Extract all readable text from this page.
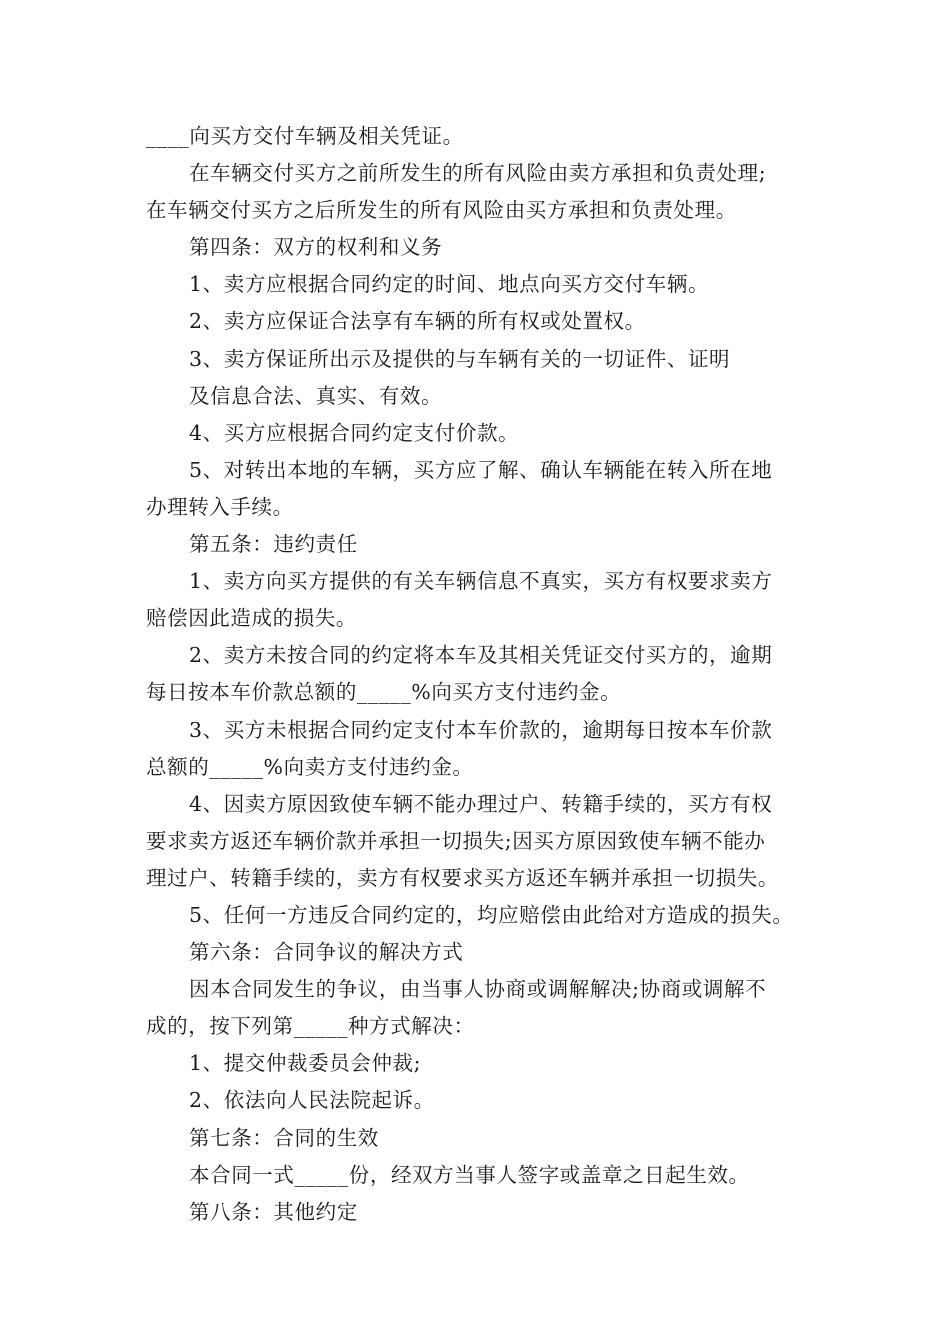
____向买方交付车辆及相关凭证。
在车辆交付买方之前所发生的所有风险由卖方承担和负责处理;
在车辆交付买方之后所发生的所有风险由买方承担和负责处理。
第四条：双方的权利和义务
1、卖方应根据合同约定的时间、地点向买方交付车辆。
2、卖方应保证合法享有车辆的所有权或处置权。
3、卖方保证所出示及提供的与车辆有关的一切证件、证明
及信息合法、真实、有效。
4、买方应根据合同约定支付价款。
5、对转出本地的车辆，买方应了解、确认车辆能在转入所在地
办理转入手续。
第五条：违约责任
1、卖方向买方提供的有关车辆信息不真实，买方有权要求卖方
赔偿因此造成的损失。
2、卖方未按合同的约定将本车及其相关凭证交付买方的，逾期
每日按本车价款总额的_____%向买方支付违约金。
3、买方未根据合同约定支付本车价款的，逾期每日按本车价款
总额的_____%向卖方支付违约金。
4、因卖方原因致使车辆不能办理过户、转籍手续的，买方有权
要求卖方返还车辆价款并承担一切损失;因买方原因致使车辆不能办
理过户、转籍手续的，卖方有权要求买方返还车辆并承担一切损失。
5、任何一方违反合同约定的，均应赔偿由此给对方造成的损失。
第六条：合同争议的解决方式
因本合同发生的争议，由当事人协商或调解解决;协商或调解不
成的，按下列第_____种方式解决：
1、提交仲裁委员会仲裁;
2、依法向人民法院起诉。
第七条：合同的生效
本合同一式_____份，经双方当事人签字或盖章之日起生效。
第八条：其他约定
